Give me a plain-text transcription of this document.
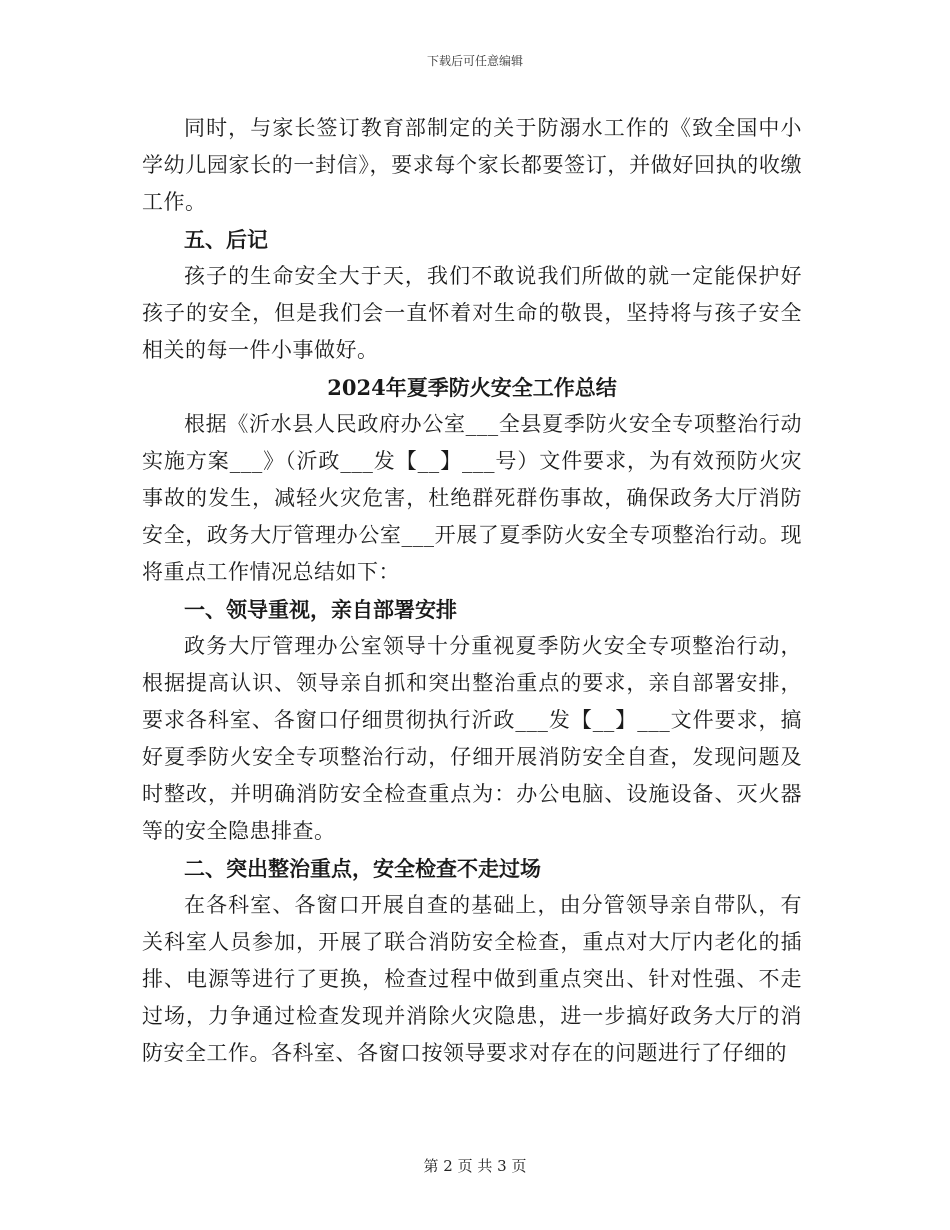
下载后可任意编辑

同时，与家长签订教育部制定的关于防溺水工作的《致全国中小学幼儿园家长的一封信》，要求每个家长都要签订，并做好回执的收缴工作。

五、后记

孩子的生命安全大于天，我们不敢说我们所做的就一定能保护好孩子的安全，但是我们会一直怀着对生命的敬畏，坚持将与孩子安全相关的每一件小事做好。

2024年夏季防火安全工作总结

根据《沂水县人民政府办公室___全县夏季防火安全专项整治行动实施方案___》（沂政___发【__】___号）文件要求，为有效预防火灾事故的发生，减轻火灾危害，杜绝群死群伤事故，确保政务大厅消防安全，政务大厅管理办公室___开展了夏季防火安全专项整治行动。现将重点工作情况总结如下：

一、领导重视，亲自部署安排

政务大厅管理办公室领导十分重视夏季防火安全专项整治行动，根据提高认识、领导亲自抓和突出整治重点的要求，亲自部署安排，要求各科室、各窗口仔细贯彻执行沂政___发【__】___文件要求，搞好夏季防火安全专项整治行动，仔细开展消防安全自查，发现问题及时整改，并明确消防安全检查重点为：办公电脑、设施设备、灭火器等的安全隐患排查。

二、突出整治重点，安全检查不走过场

在各科室、各窗口开展自查的基础上，由分管领导亲自带队，有关科室人员参加，开展了联合消防安全检查，重点对大厅内老化的插排、电源等进行了更换，检查过程中做到重点突出、针对性强、不走过场，力争通过检查发现并消除火灾隐患，进一步搞好政务大厅的消防安全工作。各科室、各窗口按领导要求对存在的问题进行了仔细的

第 2 页 共 3 页
